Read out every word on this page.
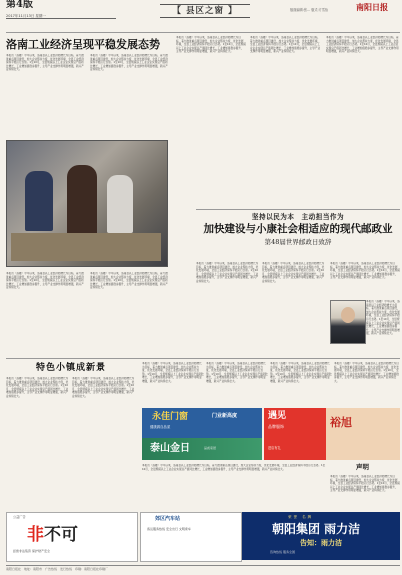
第4版
2017年11月13日 星期一	【 县区之窗 】	版面编辑:张... 版式:方雪怡	南阳日报
洛南工业经济呈现平稳发展态势
本报讯（洛融）今年以来，洛南县以工业经济稳增长为目标，着力推进重点项目建设，加大企业帮扶力度，优化发展环境，全县工业经济保持平稳运行态势。1至10月，全县规模以上工业企业实现总产值同比增长，工业增加值稳步提升，主导产业支撑作用明显增强，新兴产业持续壮大。
本报讯（洛融）今年以来，洛南县以工业经济稳增长为目标，着力推进重点项目建设，加大企业帮扶力度，优化发展环境，全县工业经济保持平稳运行态势。1至10月，全县规模以上工业企业实现总产值同比增长，工业增加值稳步提升，主导产业支撑作用明显增强，新兴产业持续壮大。
本报讯（洛融）今年以来，洛南县以工业经济稳增长为目标，着力推进重点项目建设，加大企业帮扶力度，优化发展环境，全县工业经济保持平稳运行态势。1至10月，全县规模以上工业企业实现总产值同比增长，工业增加值稳步提升，主导产业支撑作用明显增强，新兴产业持续壮大。
本报讯（洛融）今年以来，洛南县以工业经济稳增长为目标，着力推进重点项目建设，加大企业帮扶力度，优化发展环境，全县工业经济保持平稳运行态势。1至10月，全县规模以上工业企业实现总产值同比增长，工业增加值稳步提升，主导产业支撑作用明显增强，新兴产业持续壮大。
本报讯（洛融）今年以来，洛南县以工业经济稳增长为目标，着力推进重点项目建设，加大企业帮扶力度，优化发展环境，全县工业经济保持平稳运行态势。1至10月，全县规模以上工业企业实现总产值同比增长，工业增加值稳步提升，主导产业支撑作用明显增强，新兴产业持续壮大。
坚持以民为本　主动担当作为
加快建设与小康社会相适应的现代邮政业
第48届世界邮政日致辞
本报讯（洛融）今年以来，洛南县以工业经济稳增长为目标，着力推进重点项目建设，加大企业帮扶力度，优化发展环境，全县工业经济保持平稳运行态势。1至10月，全县规模以上工业企业实现总产值同比增长，工业增加值稳步提升，主导产业支撑作用明显增强，新兴产业持续壮大。
本报讯（洛融）今年以来，洛南县以工业经济稳增长为目标，着力推进重点项目建设，加大企业帮扶力度，优化发展环境，全县工业经济保持平稳运行态势。1至10月，全县规模以上工业企业实现总产值同比增长，工业增加值稳步提升，主导产业支撑作用明显增强，新兴产业持续壮大。
本报讯（洛融）今年以来，洛南县以工业经济稳增长为目标，着力推进重点项目建设，加大企业帮扶力度，优化发展环境，全县工业经济保持平稳运行态势。1至10月，全县规模以上工业企业实现总产值同比增长，工业增加值稳步提升，主导产业支撑作用明显增强，新兴产业持续壮大。
本报讯（洛融）今年以来，洛南县以工业经济稳增长为目标，着力推进重点项目建设，加大企业帮扶力度，优化发展环境，全县工业经济保持平稳运行态势。1至10月，全县规模以上工业企业实现总产值同比增长，工业增加值稳步提升，主导产业支撑作用明显增强，新兴产业持续壮大。
本报讯（洛融）今年以来，洛南县以工业经济稳增长为目标，着力推进重点项目建设，加大企业帮扶力度，优化发展环境，全县工业经济保持平稳运行态势。1至10月，全县规模以上工业企业实现总产值同比增长，工业增加值稳步提升，主导产业支撑作用明显增强，新兴产业持续壮大。
本报讯（洛融）今年以来，洛南县以工业经济稳增长为目标，着力推进重点项目建设，加大企业帮扶力度，优化发展环境，全县工业经济保持平稳运行态势。1至10月，全县规模以上工业企业实现总产值同比增长，工业增加值稳步提升，主导产业支撑作用明显增强，新兴产业持续壮大。
特色小镇成新景
本报讯（洛融）今年以来，洛南县以工业经济稳增长为目标，着力推进重点项目建设，加大企业帮扶力度，优化发展环境，全县工业经济保持平稳运行态势。1至10月，全县规模以上工业企业实现总产值同比增长，工业增加值稳步提升，主导产业支撑作用明显增强，新兴产业持续壮大。
本报讯（洛融）今年以来，洛南县以工业经济稳增长为目标，着力推进重点项目建设，加大企业帮扶力度，优化发展环境，全县工业经济保持平稳运行态势。1至10月，全县规模以上工业企业实现总产值同比增长，工业增加值稳步提升，主导产业支撑作用明显增强，新兴产业持续壮大。
本报讯（洛融）今年以来，洛南县以工业经济稳增长为目标，着力推进重点项目建设，加大企业帮扶力度，优化发展环境，全县工业经济保持平稳运行态势。1至10月，全县规模以上工业企业实现总产值同比增长，工业增加值稳步提升，主导产业支撑作用明显增强，新兴产业持续壮大。
本报讯（洛融）今年以来，洛南县以工业经济稳增长为目标，着力推进重点项目建设，加大企业帮扶力度，优化发展环境，全县工业经济保持平稳运行态势。1至10月，全县规模以上工业企业实现总产值同比增长，工业增加值稳步提升，主导产业支撑作用明显增强，新兴产业持续壮大。
本报讯（洛融）今年以来，洛南县以工业经济稳增长为目标，着力推进重点项目建设，加大企业帮扶力度，优化发展环境，全县工业经济保持平稳运行态势。1至10月，全县规模以上工业企业实现总产值同比增长，工业增加值稳步提升，主导产业支撑作用明显增强，新兴产业持续壮大。
本报讯（洛融）今年以来，洛南县以工业经济稳增长为目标，着力推进重点项目建设，加大企业帮扶力度，优化发展环境，全县工业经济保持平稳运行态势。1至10月，全县规模以上工业企业实现总产值同比增长，工业增加值稳步提升，主导产业支撑作用明显增强，新兴产业持续壮大。
永佳门窗
健康源自品质
门业新高度
泰山金日	品质家居
遇见
品牌服饰
进店有礼
裕旭
声明
本报讯（洛融）今年以来，洛南县以工业经济稳增长为目标，着力推进重点项目建设，加大企业帮扶力度，优化发展环境，全县工业经济保持平稳运行态势。1至10月，全县规模以上工业企业实现总产值同比增长，工业增加值稳步提升，主导产业支撑作用明显增强，新兴产业持续壮大。
本报讯（洛融）今年以来，洛南县以工业经济稳增长为目标，着力推进重点项目建设，加大企业帮扶力度，优化发展环境，全县工业经济保持平稳运行态势。1至10月，全县规模以上工业企业实现总产值同比增长，工业增加值稳步提升，主导产业支撑作用明显增强，新兴产业持续壮大。
公益广告
非不可
拒绝非法集资 保护财产安全
郊区汽车站
客运服务热线 安全出行 文明乘车
荣誉 名牌
朝阳集团 雨力洁
告知：雨力洁
咨询热线 服务全国
南阳日报社　地址：南阳市　广告热线　发行热线　印刷：南阳日报社印刷厂
